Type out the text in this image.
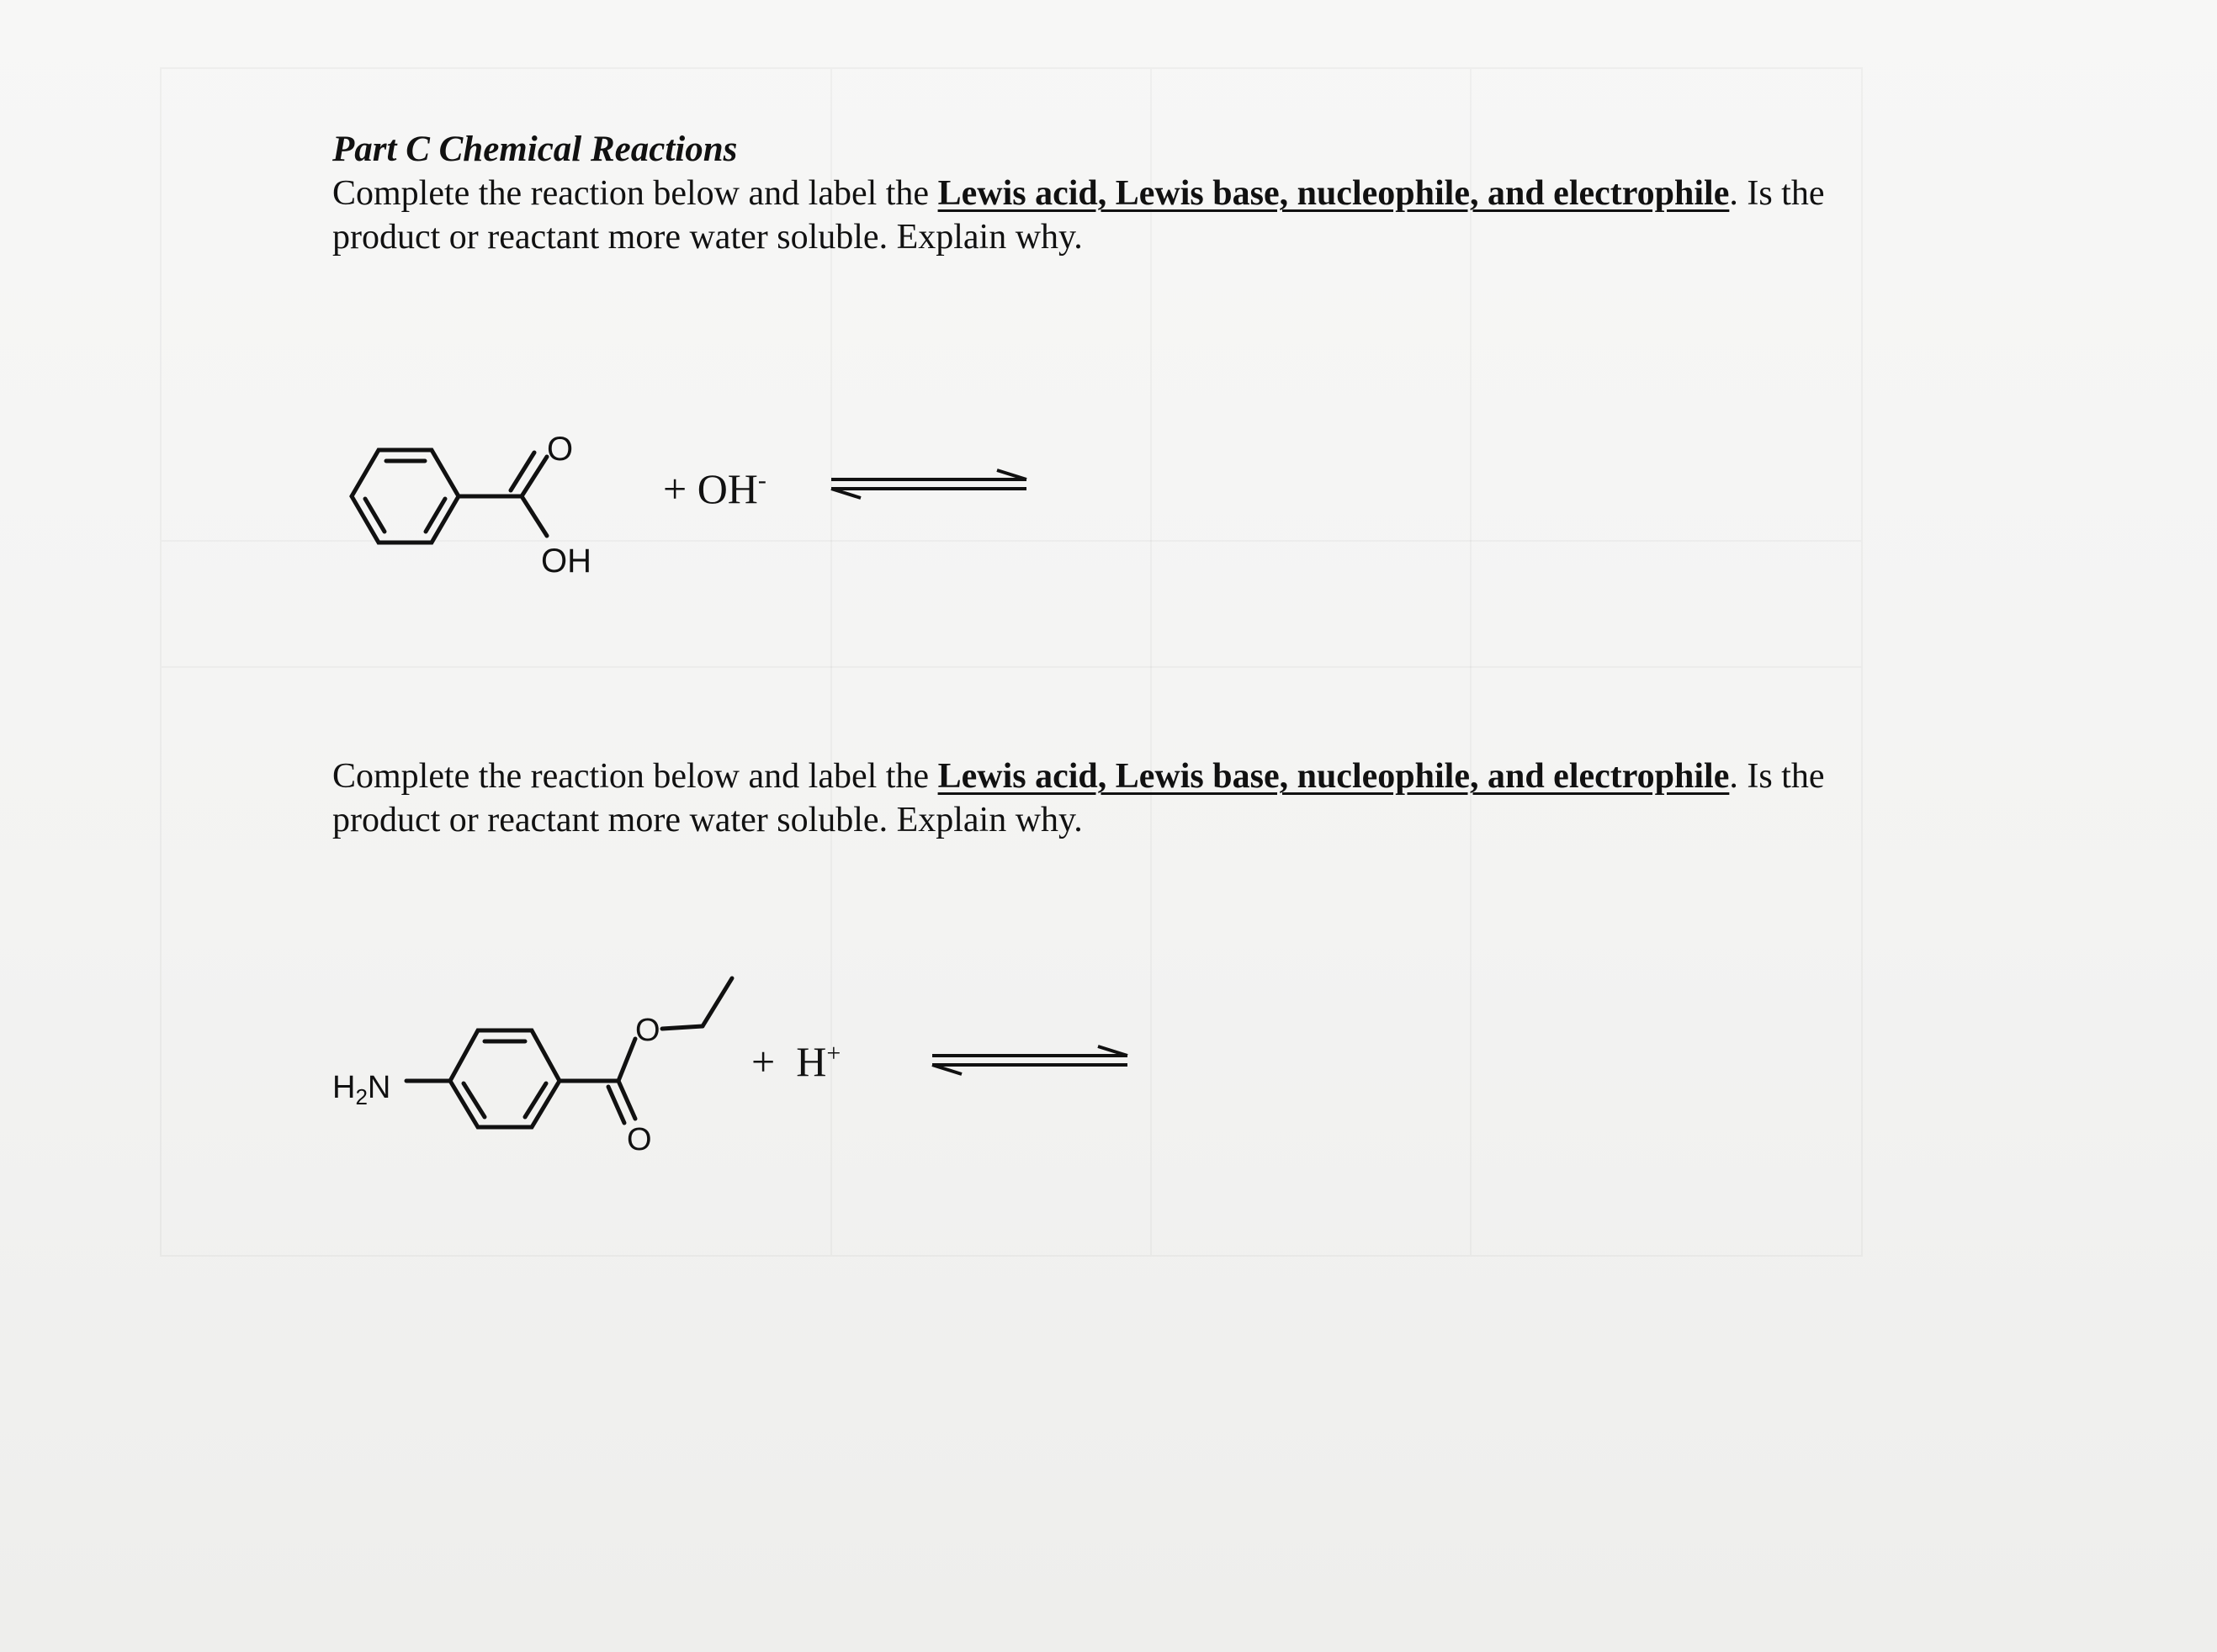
Part C Chemical Reactions
Complete the reaction below and label the Lewis acid, Lewis base, nucleophile, and electrophile. Is the
product or reactant more water soluble. Explain why.
O
OH
+ OH-
Complete the reaction below and label the Lewis acid, Lewis base, nucleophile, and electrophile. Is the
product or reactant more water soluble. Explain why.
$H_2N$
O
O
+ H+
